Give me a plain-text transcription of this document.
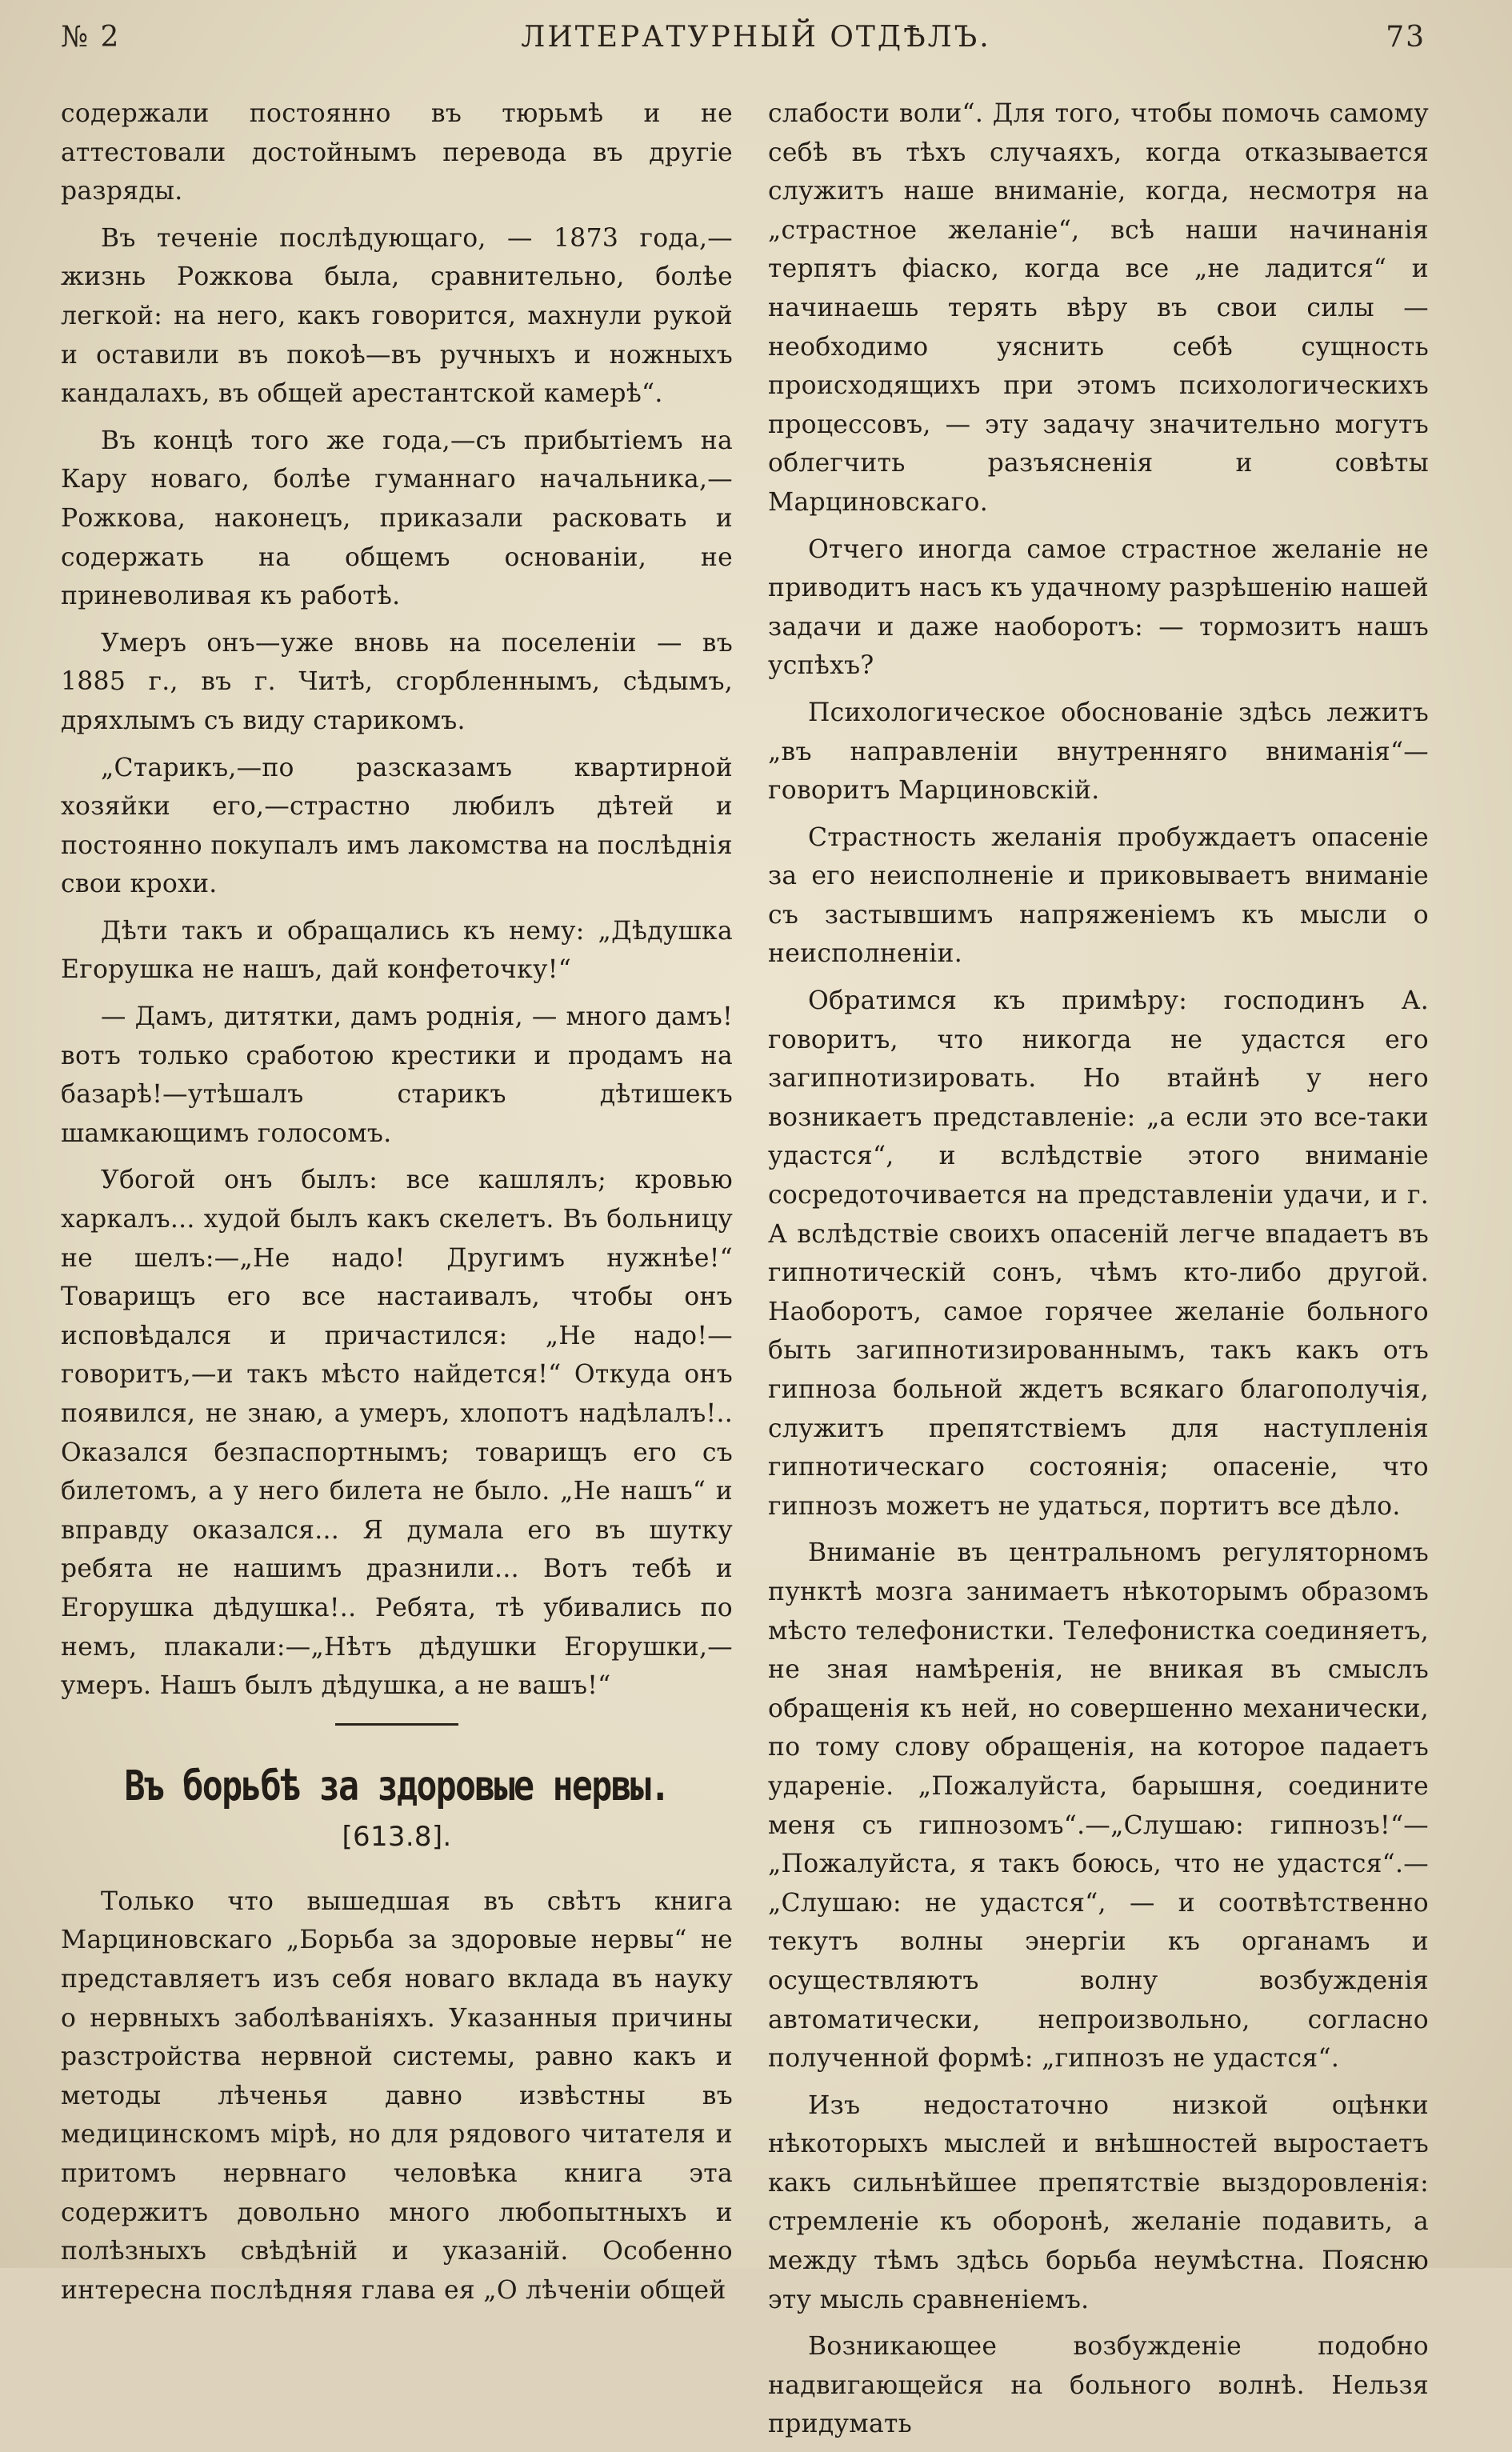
№ 2	ЛИТЕРАТУРНЫЙ ОТДѢЛЪ.	73

содержали постоянно въ тюрьмѣ и не аттестовали достойнымъ перевода въ другіе разряды.

Въ теченіе послѣдующаго, — 1873 года,— жизнь Рожкова была, сравнительно, болѣе легкой: на него, какъ говорится, махнули рукой и оставили въ покоѣ—въ ручныхъ и ножныхъ кандалахъ, въ общей арестантской камерѣ“.

Въ концѣ того же года,—съ прибытіемъ на Кару новаго, болѣе гуманнаго начальника,— Рожкова, наконецъ, приказали расковать и содержать на общемъ основаніи, не приневоливая къ работѣ.

Умеръ онъ—уже вновь на поселеніи — въ 1885 г., въ г. Читѣ, сгорбленнымъ, сѣдымъ, дряхлымъ съ виду старикомъ.

„Старикъ,—по разсказамъ квартирной хозяйки его,—страстно любилъ дѣтей и постоянно покупалъ имъ лакомства на послѣднія свои крохи.

Дѣти такъ и обращались къ нему: „Дѣдушка Егорушка не нашъ, дай конфеточку!“

— Дамъ, дитятки, дамъ роднія, — много дамъ! вотъ только сработою крестики и продамъ на базарѣ!—утѣшалъ старикъ дѣтишекъ шамкающимъ голосомъ.

Убогой онъ былъ: все кашлялъ; кровью харкалъ... худой былъ какъ скелетъ. Въ больницу не шелъ:—„Не надо! Другимъ нужнѣе!“ Товарищъ его все настаивалъ, чтобы онъ исповѣдался и причастился: „Не надо!—говоритъ,—и такъ мѣсто найдется!“ Откуда онъ появился, не знаю, а умеръ, хлопотъ надѣлалъ!.. Оказался безпаспортнымъ; товарищъ его съ билетомъ, а у него билета не было. „Не нашъ“ и вправду оказался... Я думала его въ шутку ребята не нашимъ дразнили... Вотъ тебѣ и Егорушка дѣдушка!.. Ребята, тѣ убивались по немъ, плакали:—„Нѣтъ дѣдушки Егорушки,—умеръ. Нашъ былъ дѣдушка, а не вашъ!“

Въ борьбѣ за здоровые нервы.
[613.8].

Только что вышедшая въ свѣтъ книга Марциновскаго „Борьба за здоровые нервы“ не представляетъ изъ себя новаго вклада въ науку о нервныхъ заболѣваніяхъ. Указанныя причины разстройства нервной системы, равно какъ и методы лѣченья давно извѣстны въ медицинскомъ мірѣ, но для рядового читателя и притомъ нервнаго человѣка книга эта содержитъ довольно много любопытныхъ и полѣзныхъ свѣдѣній и указаній. Особенно интересна послѣдняя глава ея „О лѣченіи общей

слабости воли“. Для того, чтобы помочь самому себѣ въ тѣхъ случаяхъ, когда отказывается служитъ наше вниманіе, когда, несмотря на „страстное желаніе“, всѣ наши начинанія терпятъ фіаско, когда все „не ладится“ и начинаешь терять вѣру въ свои силы — необходимо уяснить себѣ сущность происходящихъ при этомъ психологическихъ процессовъ, — эту задачу значительно могутъ облегчить разъясненія и совѣты Марциновскаго.

Отчего иногда самое страстное желаніе не приводитъ насъ къ удачному разрѣшенію нашей задачи и даже наоборотъ: — тормозитъ нашъ успѣхъ?

Психологическое обоснованіе здѣсь лежитъ „въ направленіи внутренняго вниманія“—говоритъ Марциновскій.

Страстность желанія пробуждаетъ опасеніе за его неисполненіе и приковываетъ вниманіе съ застывшимъ напряженіемъ къ мысли о неисполненіи.

Обратимся къ примѣру: господинъ А. говоритъ, что никогда не удастся его загипнотизировать. Но втайнѣ у него возникаетъ представленіе: „а если это все-таки удастся“, и вслѣдствіе этого вниманіе сосредоточивается на представленіи удачи, и г. А вслѣдствіе своихъ опасеній легче впадаетъ въ гипнотическій сонъ, чѣмъ кто-либо другой. Наоборотъ, самое горячее желаніе больного быть загипнотизированнымъ, такъ какъ отъ гипноза больной ждетъ всякаго благополучія, служитъ препятствіемъ для наступленія гипнотическаго состоянія; опасеніе, что гипнозъ можетъ не удаться, портитъ все дѣло.

Вниманіе въ центральномъ регуляторномъ пунктѣ мозга занимаетъ нѣкоторымъ образомъ мѣсто телефонистки. Телефонистка соединяетъ, не зная намѣренія, не вникая въ смыслъ обращенія къ ней, но совершенно механически, по тому слову обращенія, на которое падаетъ удареніе. „Пожалуйста, барышня, соедините меня съ гипнозомъ“.—„Слушаю: гипнозъ!“— „Пожалуйста, я такъ боюсь, что не удастся“.— „Слушаю: не удастся“, — и соотвѣтственно текутъ волны энергіи къ органамъ и осуществляютъ волну возбужденія автоматически, непроизвольно, согласно полученной формѣ: „гипнозъ не удастся“.

Изъ недостаточно низкой оцѣнки нѣкоторыхъ мыслей и внѣшностей выростаетъ какъ сильнѣйшее препятствіе выздоровленія: стремленіе къ оборонѣ, желаніе подавить, а между тѣмъ здѣсь борьба неумѣстна. Поясню эту мысль сравненіемъ.

Возникающее возбужденіе подобно надвигающейся на больного волнѣ. Нельзя придумать
